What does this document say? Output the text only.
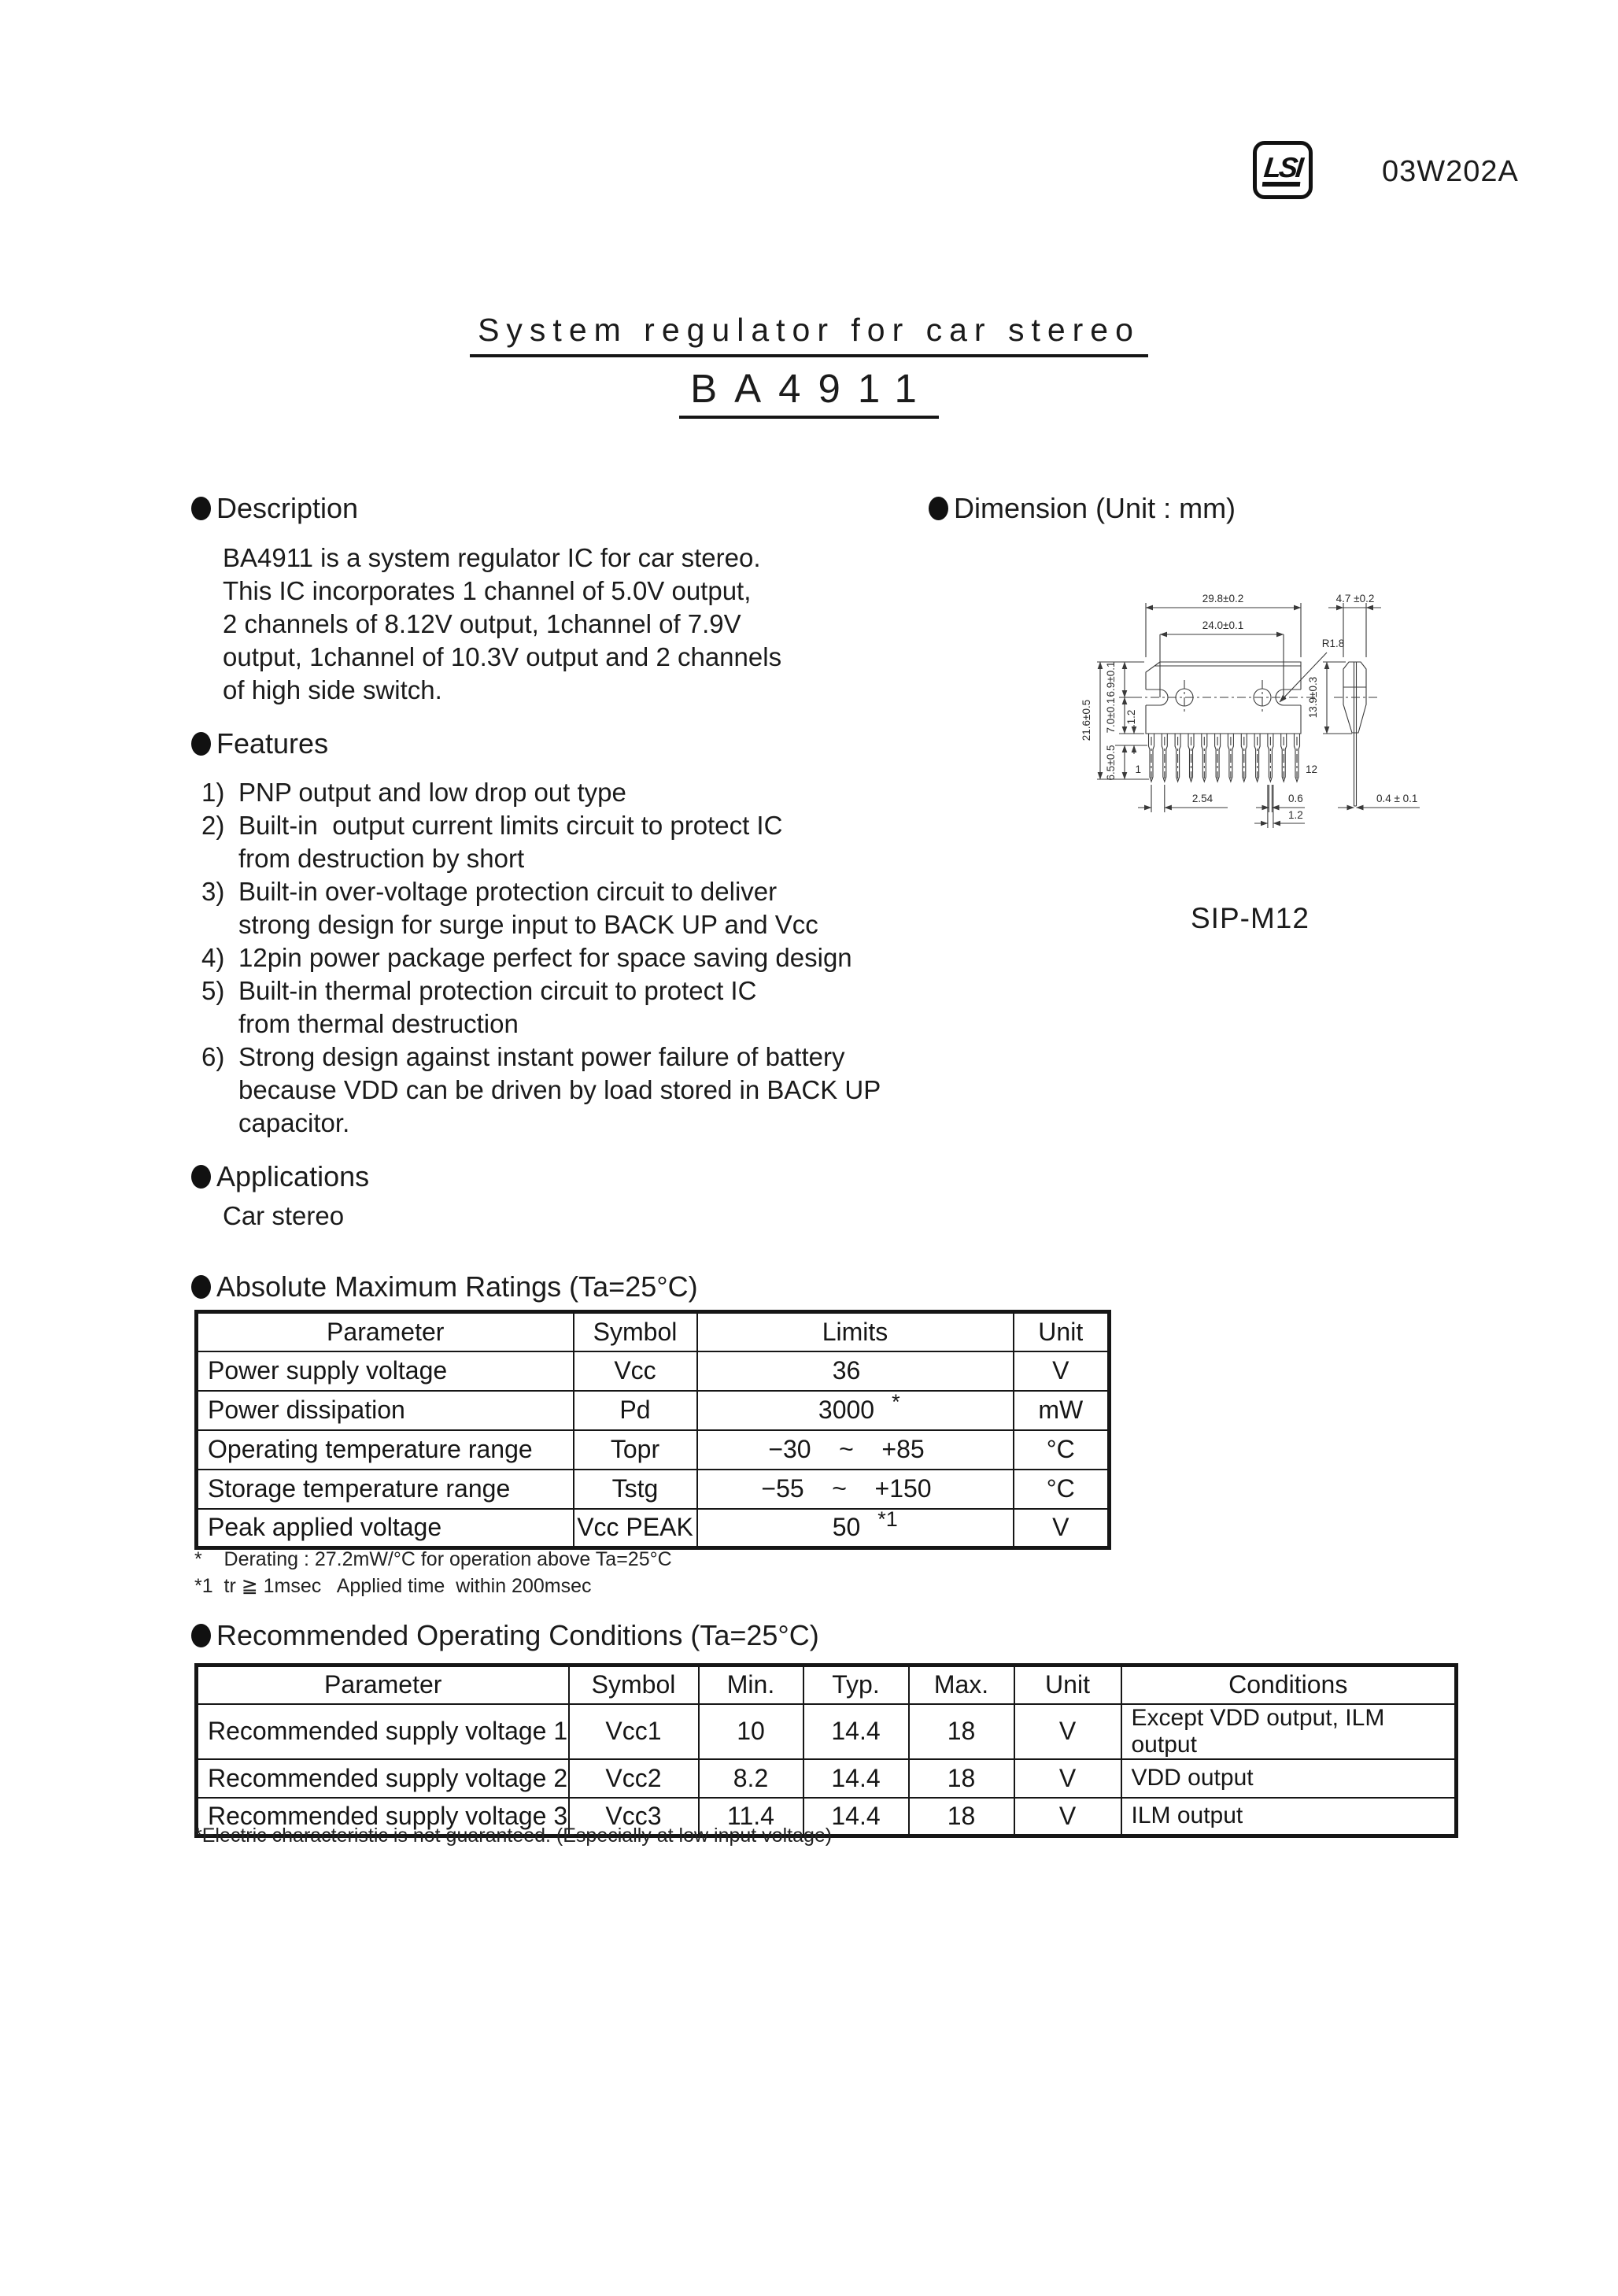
LSI	03W202A
System regulator for car stereo
BA4911
Description
BA4911 is a system regulator IC for car stereo.
This IC incorporates 1 channel of 5.0V output,
2 channels of 8.12V output, 1channel of 7.9V
output, 1channel of 10.3V output and 2 channels
of high side switch.
Dimension (Unit : mm)
1	12
29.8±0.2
24.0±0.1
4.7 ±0.2
R1.8
21.6±0.5
6.9±0.1
7.0±0.1
6.5±0.5
1.2
2.54	0.6
1.2
13.9±0.3
0.4 ± 0.1
SIP-M12
Features
1) PNP output and low drop out type
2) Built-in  output current limits circuit to protect IC
from destruction by short
3) Built-in over-voltage protection circuit to deliver
strong design for surge input to BACK UP and Vcc
4) 12pin power package perfect for space saving design
5) Built-in thermal protection circuit to protect IC
from thermal destruction
6) Strong design against instant power failure of battery
because VDD can be driven by load stored in BACK UP
capacitor.
Applications
Car stereo
Absolute Maximum Ratings (Ta=25°C)
Parameter	Symbol	Limits	Unit
Power supply voltage	Vcc	36	V
Power dissipation	Pd	3000 *	mW
Operating temperature range	Topr	−30    ~    +85	°C
Storage temperature range	Tstg	−55    ~    +150	°C
Peak applied voltage	Vcc PEAK	50 *1	V
*    Derating : 27.2mW/°C for operation above Ta=25°C
*1  tr ≧ 1msec   Applied time  within 200msec
Recommended Operating Conditions (Ta=25°C)
Parameter	Symbol	Min.	Typ.	Max.	Unit	Conditions
Recommended supply voltage 1	Vcc1	10	14.4	18	V	Except VDD output, ILM output
Recommended supply voltage 2	Vcc2	8.2	14.4	18	V	VDD output
Recommended supply voltage 3	Vcc3	11.4	14.4	18	V	ILM output
*Electric characteristic is not guaranteed. (Especially at low input voltage)
